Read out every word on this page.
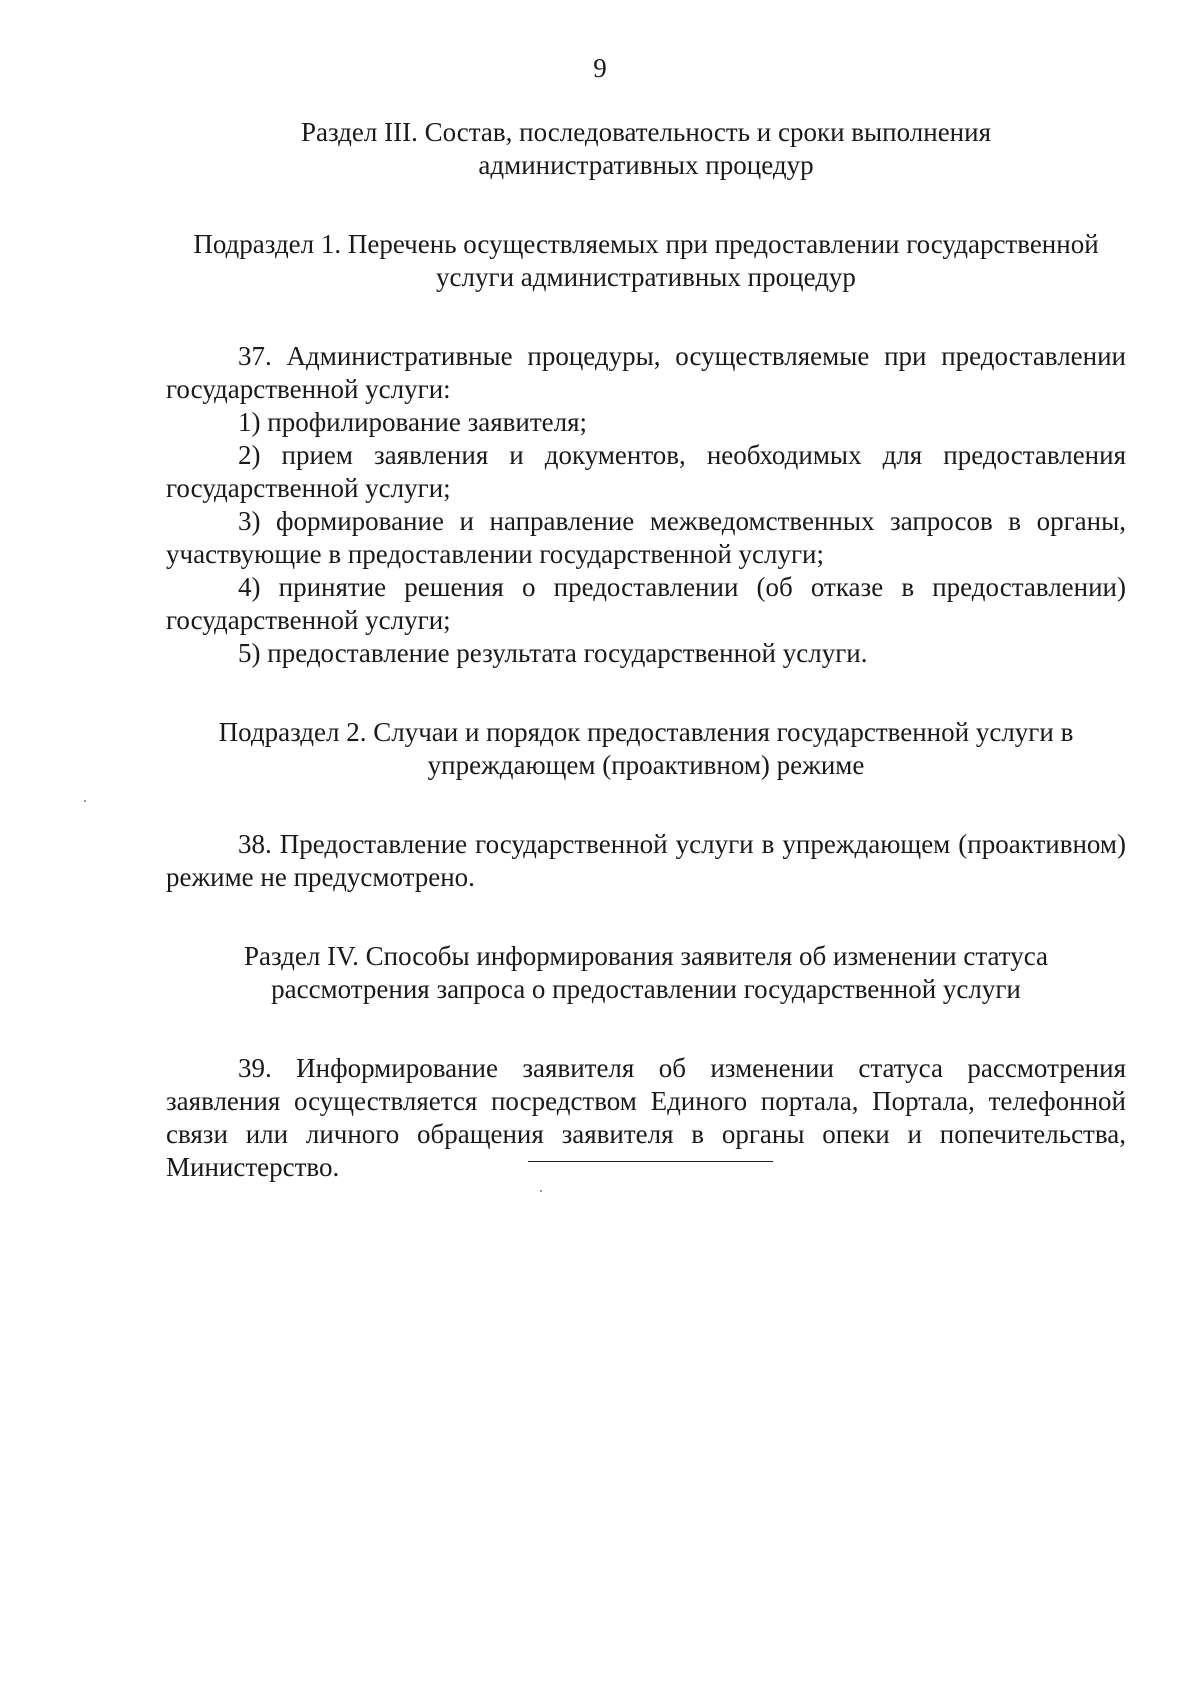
9
Раздел III. Состав, последовательность и сроки выполнения
административных процедур
Подраздел 1. Перечень осуществляемых при предоставлении государственной
услуги административных процедур

37. Административные процедуры, осуществляемые при предоставлении государственной услуги:

1) профилирование заявителя;

2) прием заявления и документов, необходимых для предоставления государственной услуги;

3) формирование и направление межведомственных запросов в органы, участвующие в предоставлении государственной услуги;

4) принятие решения о предоставлении (об отказе в предоставлении) государственной услуги;

5) предоставление результата государственной услуги.

Подраздел 2. Случаи и порядок предоставления государственной услуги в
упреждающем (проактивном) режиме

38. Предоставление государственной услуги в упреждающем (проактивном) режиме не предусмотрено.

Раздел IV. Способы информирования заявителя об изменении статуса
рассмотрения запроса о предоставлении государственной услуги

39. Информирование заявителя об изменении статуса рассмотрения заявления осуществляется посредством Единого портала, Портала, телефонной связи или личного обращения заявителя в органы опеки и попечительства, Министерство.
